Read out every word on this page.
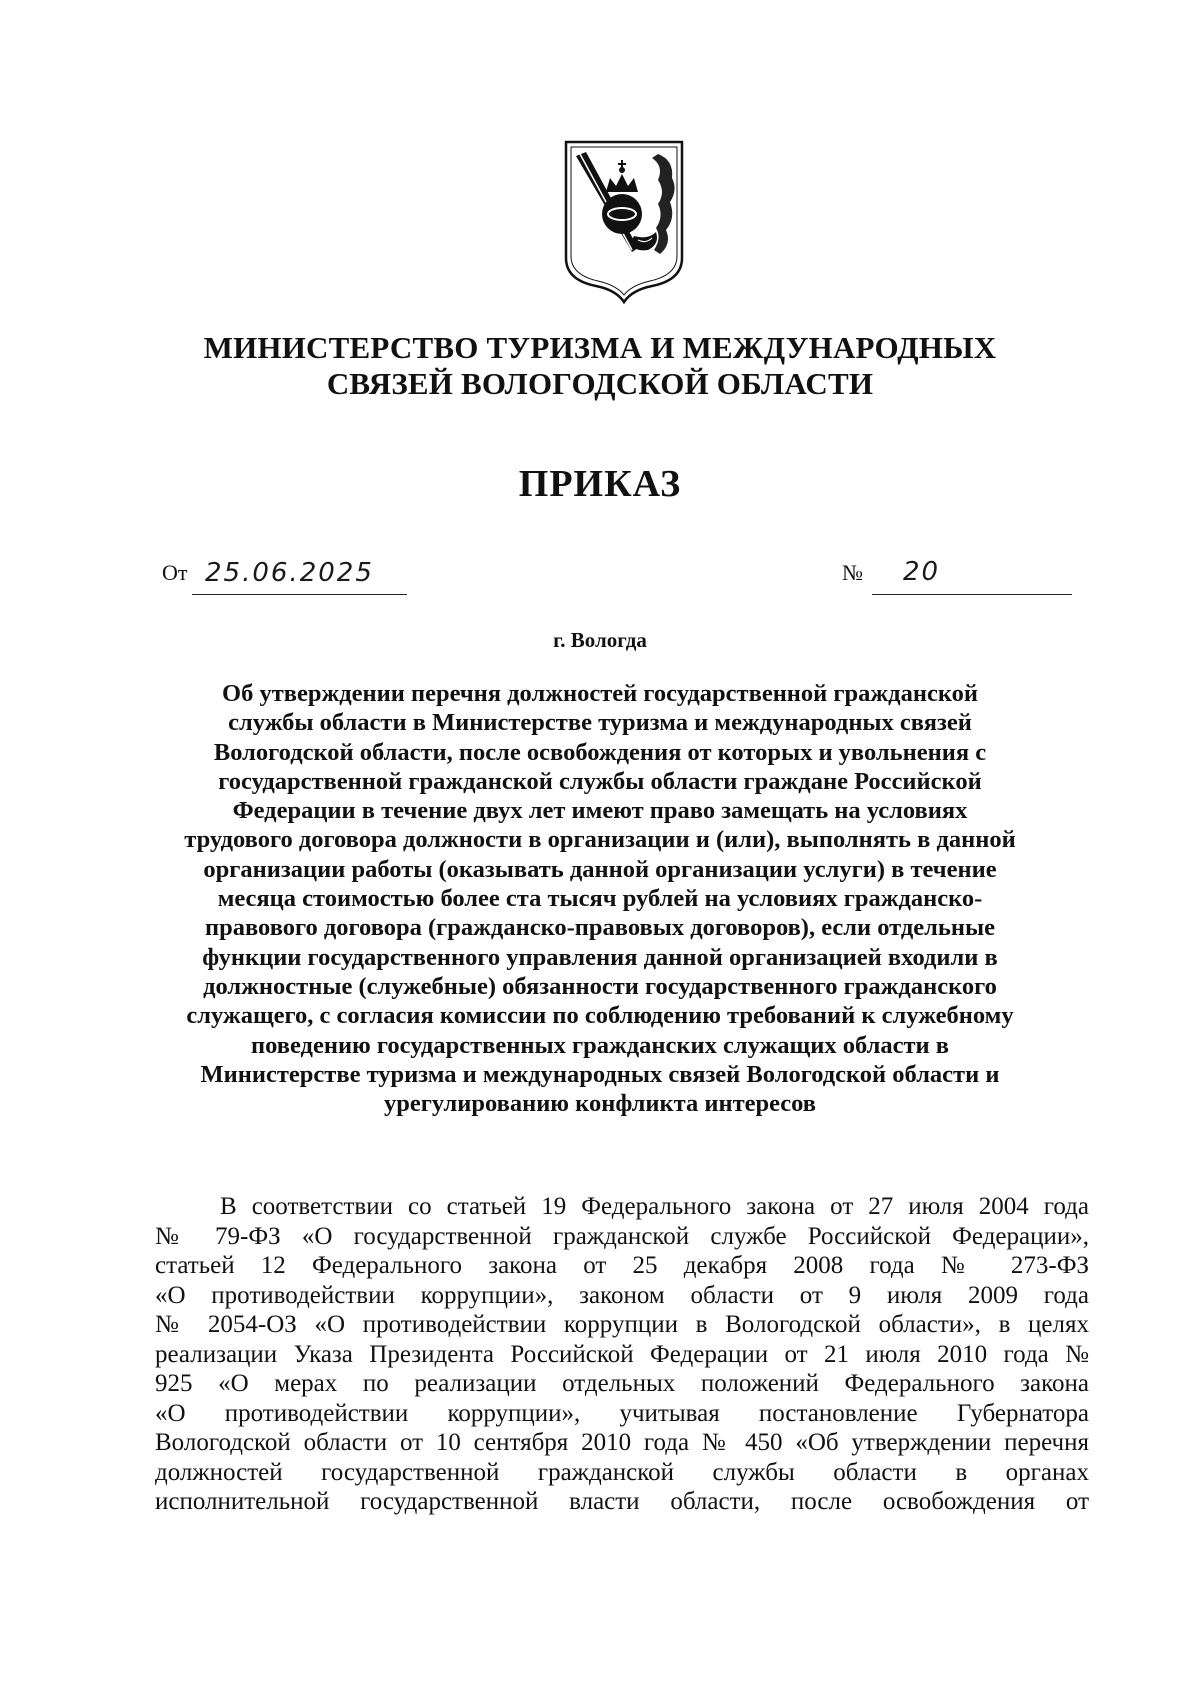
МИНИСТЕРСТВО ТУРИЗМА И МЕЖДУНАРОДНЫХ
СВЯЗЕЙ ВОЛОГОДСКОЙ ОБЛАСТИ
ПРИКАЗ
От 25.06.2025	№ 20
г. Вологда
Об утверждении перечня должностей государственной гражданской
службы области в Министерстве туризма и международных связей
Вологодской области, после освобождения от которых и увольнения с
государственной гражданской службы области граждане Российской
Федерации в течение двух лет имеют право замещать на условиях
трудового договора должности в организации и (или), выполнять в данной
организации работы (оказывать данной организации услуги) в течение
месяца стоимостью более ста тысяч рублей на условиях гражданско-
правового договора (гражданско-правовых договоров), если отдельные
функции государственного управления данной организацией входили в
должностные (служебные) обязанности государственного гражданского
служащего, с согласия комиссии по соблюдению требований к служебному
поведению государственных гражданских служащих области в
Министерстве туризма и международных связей Вологодской области и
урегулированию конфликта интересов
В соответствии со статьей 19 Федерального закона от 27 июля 2004 года
№ 79-ФЗ «О государственной гражданской службе Российской Федерации»,
статьей 12 Федерального закона от 25 декабря 2008 года № 273-ФЗ
«О противодействии коррупции», законом области от 9 июля 2009 года
№ 2054-ОЗ «О противодействии коррупции в Вологодской области», в целях
реализации Указа Президента Российской Федерации от 21 июля 2010 года №
925 «О мерах по реализации отдельных положений Федерального закона
«О противодействии коррупции», учитывая постановление Губернатора
Вологодской области от 10 сентября 2010 года № 450 «Об утверждении перечня
должностей государственной гражданской службы области в органах
исполнительной государственной власти области, после освобождения от
